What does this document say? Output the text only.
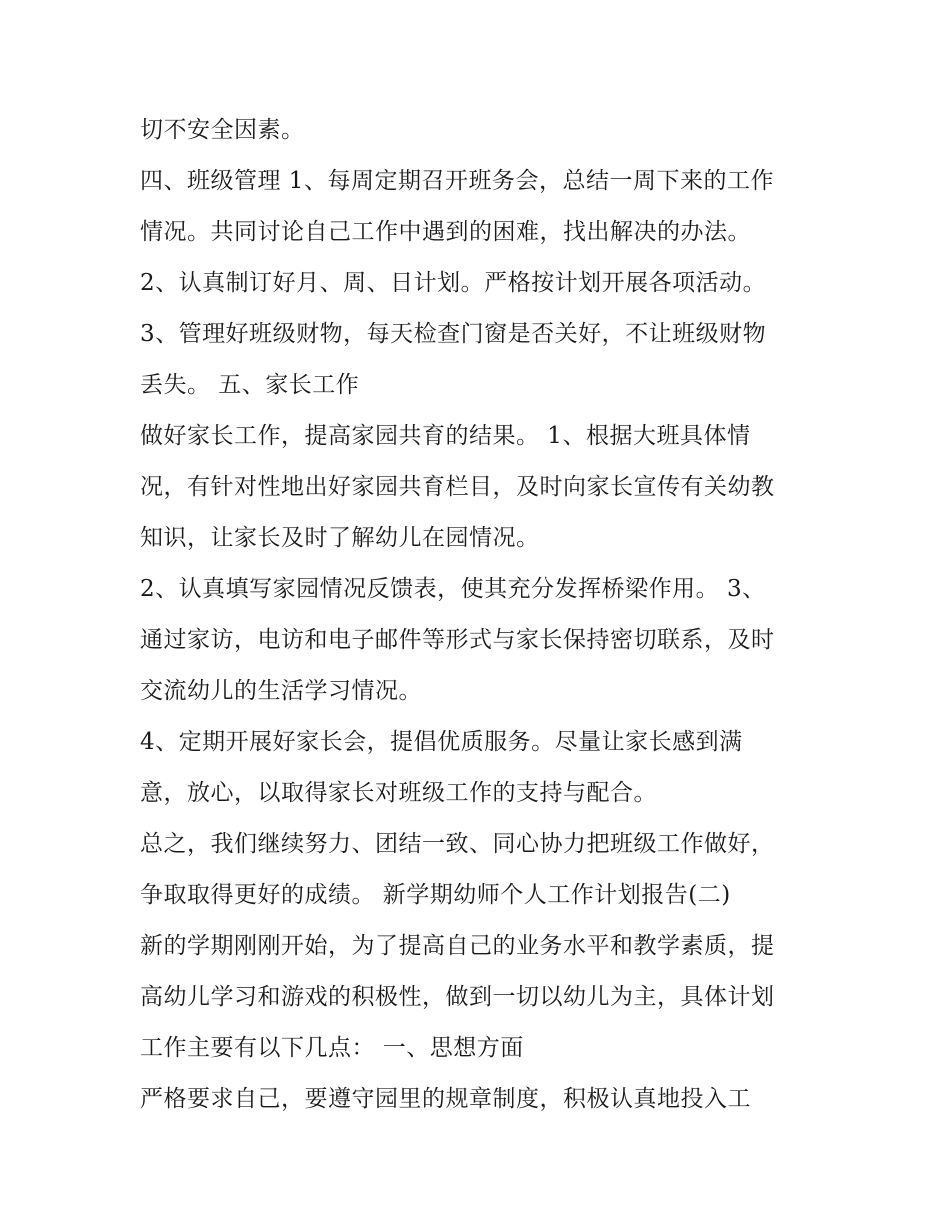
切不安全因素。
四、班级管理 1、每周定期召开班务会，总结一周下来的工作
情况。共同讨论自己工作中遇到的困难，找出解决的办法。
2、认真制订好月、周、日计划。严格按计划开展各项活动。
3、管理好班级财物，每天检查门窗是否关好，不让班级财物
丢失。 五、家长工作
做好家长工作，提高家园共育的结果。 1、根据大班具体情
况，有针对性地出好家园共育栏目，及时向家长宣传有关幼教
知识，让家长及时了解幼儿在园情况。
2、认真填写家园情况反馈表，使其充分发挥桥梁作用。 3、
通过家访，电访和电子邮件等形式与家长保持密切联系，及时
交流幼儿的生活学习情况。
4、定期开展好家长会，提倡优质服务。尽量让家长感到满
意，放心，以取得家长对班级工作的支持与配合。
总之，我们继续努力、团结一致、同心协力把班级工作做好，
争取取得更好的成绩。 新学期幼师个人工作计划报告(二)
新的学期刚刚开始，为了提高自己的业务水平和教学素质，提
高幼儿学习和游戏的积极性，做到一切以幼儿为主，具体计划
工作主要有以下几点： 一、思想方面
严格要求自己，要遵守园里的规章制度，积极认真地投入工
